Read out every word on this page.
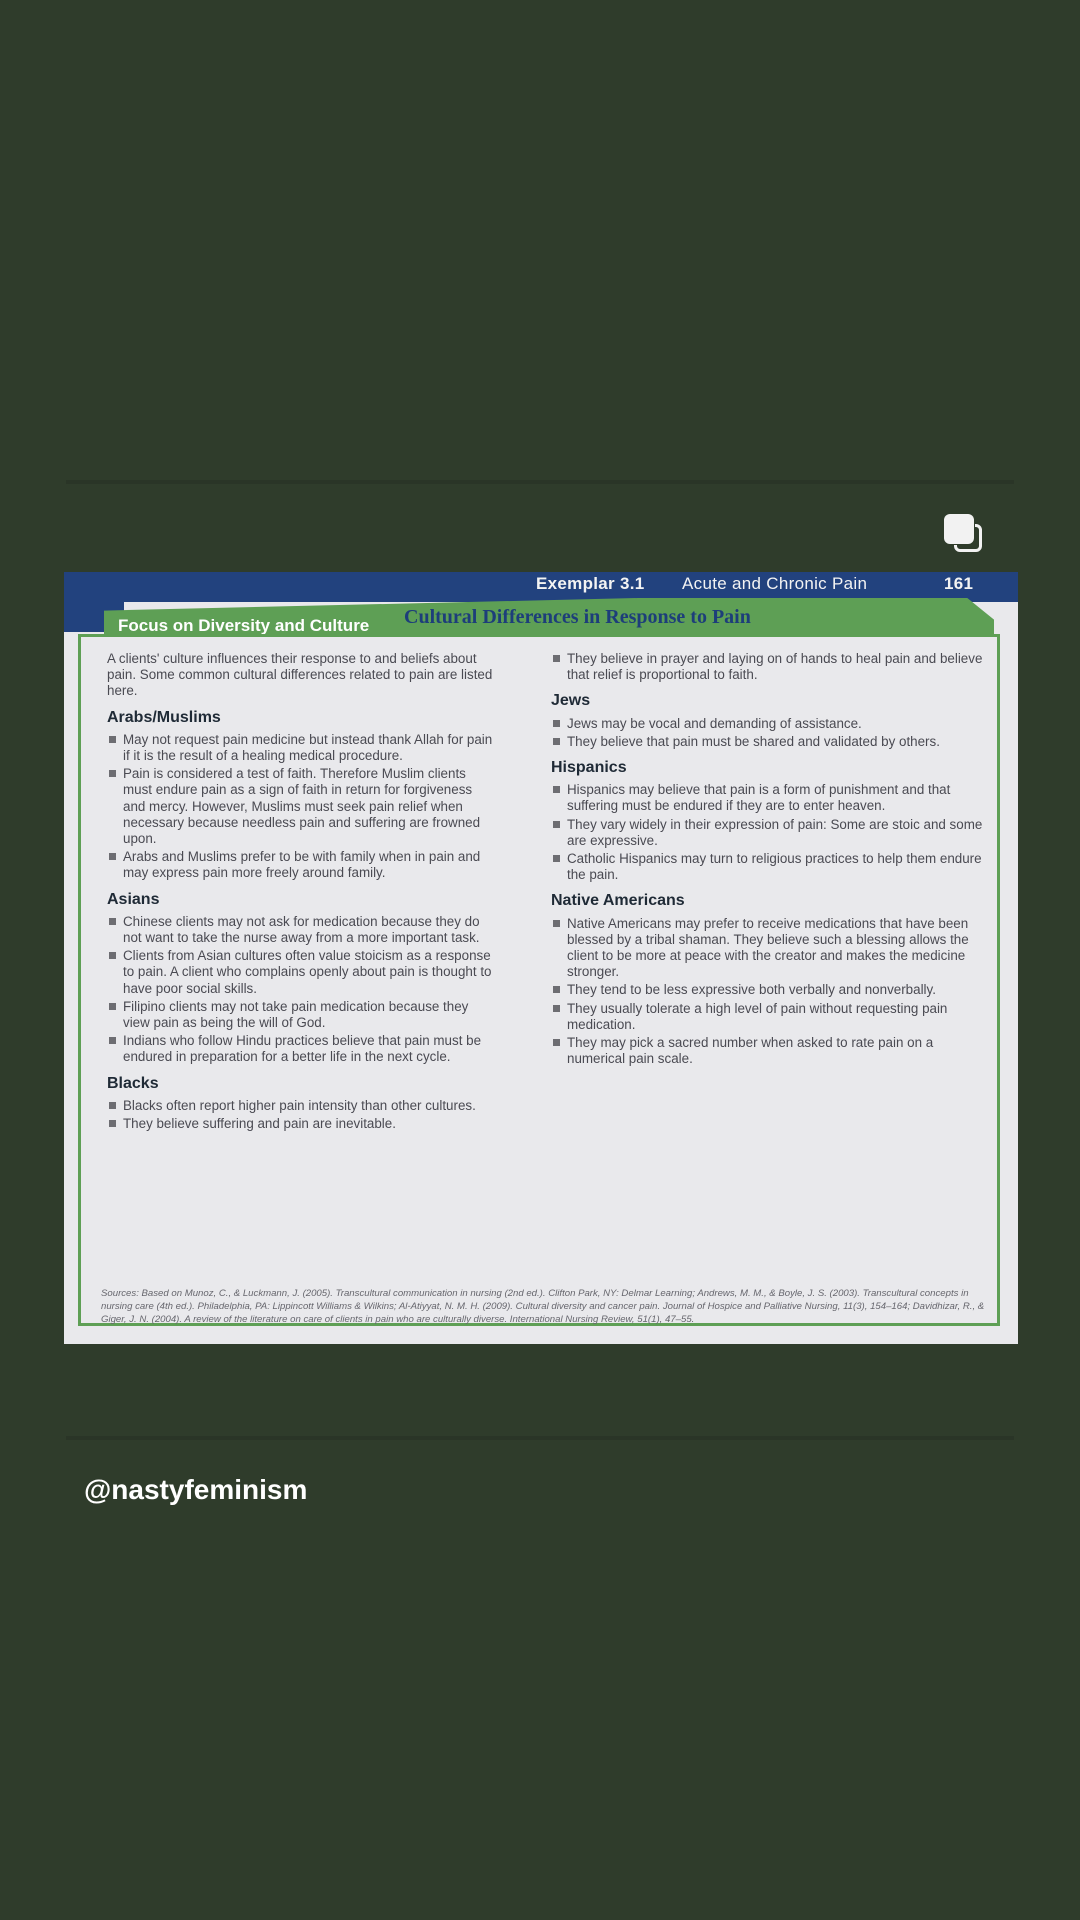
Exemplar 3.1 Acute and Chronic Pain	161
Focus on Diversity and Culture Cultural Differences in Response to Pain

A clients' culture influences their response to and beliefs about pain. Some common cultural differences related to pain are listed here.

Arabs/Muslims
May not request pain medicine but instead thank Allah for pain if it is the result of a healing medical procedure.
Pain is considered a test of faith. Therefore Muslim clients must endure pain as a sign of faith in return for forgiveness and mercy. However, Muslims must seek pain relief when necessary because needless pain and suffering are frowned upon.
Arabs and Muslims prefer to be with family when in pain and may express pain more freely around family.
Asians
Chinese clients may not ask for medication because they do not want to take the nurse away from a more important task.
Clients from Asian cultures often value stoicism as a response to pain. A client who complains openly about pain is thought to have poor social skills.
Filipino clients may not take pain medication because they view pain as being the will of God.
Indians who follow Hindu practices believe that pain must be endured in preparation for a better life in the next cycle.
Blacks
Blacks often report higher pain intensity than other cultures.
They believe suffering and pain are inevitable.
They believe in prayer and laying on of hands to heal pain and believe that relief is proportional to faith.
Jews
Jews may be vocal and demanding of assistance.
They believe that pain must be shared and validated by others.
Hispanics
Hispanics may believe that pain is a form of punishment and that suffering must be endured if they are to enter heaven.
They vary widely in their expression of pain: Some are stoic and some are expressive.
Catholic Hispanics may turn to religious practices to help them endure the pain.
Native Americans
Native Americans may prefer to receive medications that have been blessed by a tribal shaman. They believe such a blessing allows the client to be more at peace with the creator and makes the medicine stronger.
They tend to be less expressive both verbally and nonverbally.
They usually tolerate a high level of pain without requesting pain medication.
They may pick a sacred number when asked to rate pain on a numerical pain scale.
Sources: Based on Munoz, C., & Luckmann, J. (2005). Transcultural communication in nursing (2nd ed.). Clifton Park, NY: Delmar Learning; Andrews, M. M., & Boyle, J. S. (2003). Transcultural concepts in nursing care (4th ed.). Philadelphia, PA: Lippincott Williams & Wilkins; Al-Atiyyat, N. M. H. (2009). Cultural diversity and cancer pain. Journal of Hospice and Palliative Nursing, 11(3), 154–164; Davidhizar, R., & Giger, J. N. (2004). A review of the literature on care of clients in pain who are culturally diverse. International Nursing Review, 51(1), 47–55.
@nastyfeminism
